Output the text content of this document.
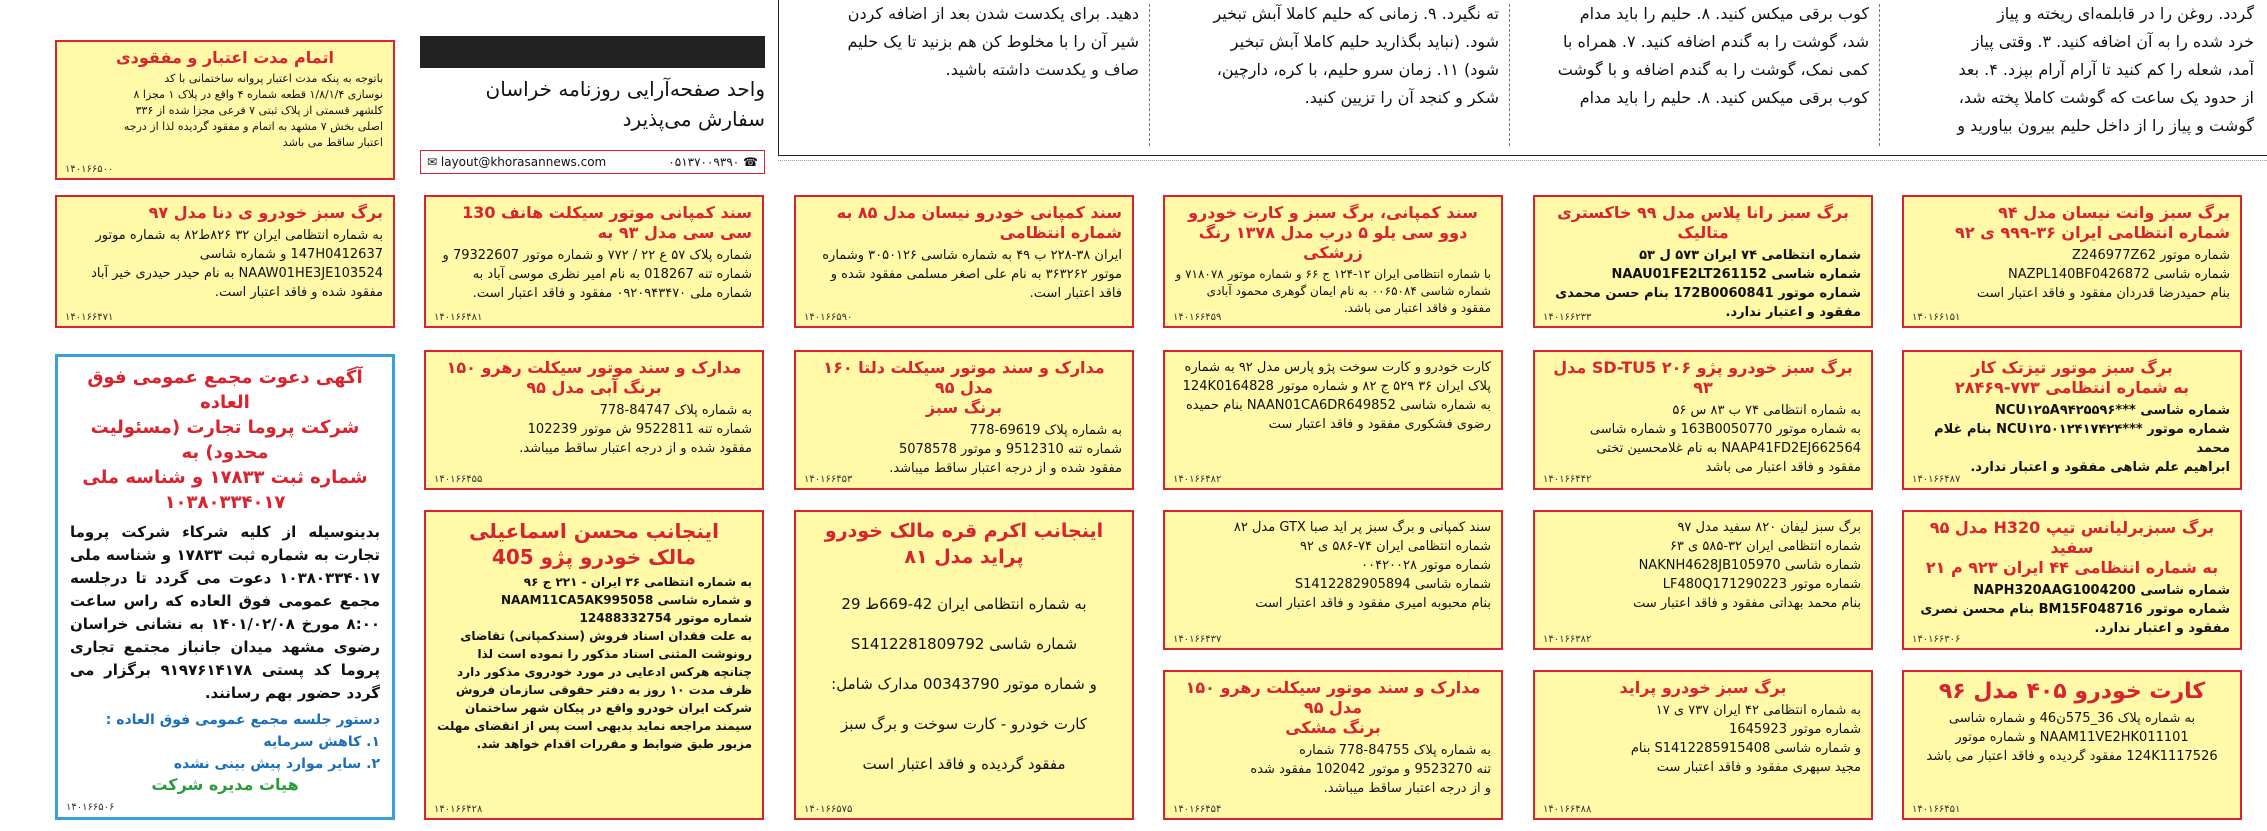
گردد. روغن را در قابلمه‌ای ریخته و پیاز
خرد شده را به آن اضافه کنید. ۳. وقتی پیاز
آمد، شعله را کم کنید تا آرام آرام بپزد. ۴. بعد
از حدود یک ساعت که گوشت کاملا پخته شد،
گوشت و پیاز را از داخل حلیم بیرون بیاورید و
کوب برقی میکس کنید. ۸. حلیم را باید مدام
شد، گوشت را به گندم اضافه کنید. ۷. همراه با
کمی نمک، گوشت را به گندم اضافه و با گوشت
کوب برقی میکس کنید. ۸. حلیم را باید مدام
ته نگیرد. ۹. زمانی که حلیم کاملا آبش تبخیر
شود. (نباید بگذارید حلیم کاملا آبش تبخیر
شود) ۱۱. زمان سرو حلیم، با کره، دارچین،
شکر و کنجد آن را تزیین کنید.
دهید. برای یکدست شدن بعد از اضافه کردن
شیر آن را با مخلوط کن هم بزنید تا یک حلیم
صاف و یکدست داشته باشید.
واحد صفحه‌آرایی روزنامه خراسان
سفارش می‌پذیرد
✉ layout@khorasannews.com	۰۵۱۳۷۰۰۹۳۹۰ ☎
اتمام مدت اعتبار و مفقودی
باتوجه به پنکه مدت اعتبار پروانه ساختمانی با کد
نوسازی ۱/۸/۱/۴ قطعه شماره ۴ واقع در پلاک ۱ مجزا ۸
کلشهر قسمتی از پلاک ثبتی ۷ فرعی مجزا شده از ۳۳۶
اصلی بخش ۷ مشهد به اتمام و مفقود گردیده لذا از درجه
اعتبار ساقط می باشد
۱۴۰۱۶۶۵۰۰
برگ سبز خودرو ی دنا مدل ۹۷
به شماره انتظامی ایران ۳۲ ۸۲۶ط۸۲ به شماره موتور 147H0412637 و شماره شاسی NAAW01HE3JE103524 به نام حیدر حیدری خیر آباد مفقود شده و فاقد اعتبار است.
۱۴۰۱۶۶۴۷۱
سند کمپانی موتور سیکلت هانف 130 سی سی مدل ۹۳ به
شماره پلاک ۵۷ ع ۲۲ / ۷۷۲ و شماره موتور 79322607 و شماره تنه 018267 به نام امیر نظری موسی آباد به شماره ملی ۰۹۲۰۹۴۳۴۷۰ مفقود و فاقد اعتبار است.
۱۴۰۱۶۶۴۸۱
سند کمپانی خودرو نیسان مدل ۸۵ به شماره انتظامی
ایران ۳۸-۲۲۸ ب ۴۹ به شماره شاسی ۳۰۵۰۱۲۶ وشماره موتور ۳۶۳۲۶۲ به نام علی اصغر مسلمی مفقود شده و فاقد اعتبار است.
۱۴۰۱۶۶۵۹۰
سند کمپانی، برگ سبز و کارت خودرو دوو سی یلو ۵ درب مدل ۱۳۷۸ رنگ زرشکی
با شماره انتظامی ایران ۱۲-۱۲۴ ج ۶۶ و شماره موتور ۷۱۸۰۷۸ و شماره شاسی ۰۰۶۵۰۸۴ به نام ایمان گوهری محمود آبادی مفقود و فاقد اعتبار می باشد.
۱۴۰۱۶۶۴۵۹
برگ سبز رانا پلاس مدل ۹۹ خاکستری متالیک
شماره انتظامی ۷۴ ایران ۵۷۳ ل ۵۳
شماره شاسی NAAU01FE2LT261152
شماره موتور 172B0060841 بنام حسن محمدی
مفقود و اعتبار ندارد.
۱۴۰۱۶۶۲۳۳
برگ سبز وانت نیسان مدل ۹۴
شماره انتظامی ایران ۳۶-۹۹۹ ی ۹۲
شماره موتور Z246977Z62
شماره شاسی NAZPL140BF0426872
بنام حمیدرضا قدردان مفقود و فاقد اعتبار است
۱۴۰۱۶۶۱۵۱
مدارک و سند موتور سیکلت رهرو ۱۵۰
برنگ آبی مدل ۹۵
به شماره پلاک 84747-778
شماره تنه 9522811 ش موتور 102239
مفقود شده و از درجه اعتبار ساقط میباشد.
۱۴۰۱۶۶۴۵۵
مدارک و سند موتور سیکلت دلتا ۱۶۰ مدل ۹۵
برنگ سبز
به شماره پلاک 69619-778
شماره تنه 9512310 و موتور 5078578
مفقود شده و از درجه اعتبار ساقط میباشد.
۱۴۰۱۶۶۴۵۳
کارت خودرو و کارت سوخت پژو پارس مدل ۹۲ به شماره پلاک ایران ۳۶ ۵۲۹ ج ۸۲ و شماره موتور 124K0164828 به شماره شاسی NAAN01CA6DR649852 بنام حمیده رضوی فشکوری مفقود و فاقد اعتبار ست
۱۴۰۱۶۶۴۸۲
برگ سبز خودرو پژو SD-TU5 ۲۰۶ مدل ۹۳
به شماره انتظامی ۷۴ ب ۸۳ س ۵۶
به شماره موتور 163B0050770 و شماره شاسی
NAAP41FD2EJ662564 به نام غلامحسین تختی
مفقود و فاقد اعتبار می باشد
۱۴۰۱۶۶۴۴۲
برگ سبز موتور تیزتک کار
به شماره انتظامی ۷۷۳-۲۸۴۶۹
شماره شاسی ***NCU۱۲۵A۹۴۲۵۵۹۶
شماره موتور ***NCU۱۲۵۰۱۲۴۱۷۴۲۴ بنام غلام محمد
ابراهیم علم شاهی مفقود و اعتبار ندارد.
۱۴۰۱۶۶۴۸۷
اینجانب محسن اسماعیلی
مالک خودرو پژو 405
به شماره انتظامی ۳۶ ایران - ۲۲۱ ج ۹۶
و شماره شاسی NAAM11CA5AK995058
شماره موتور 12488332754
به علت فقدان اسناد فروش (سندکمپانی) تقاضای رونوشت المثنی اسناد مذکور را نموده است لذا چنانچه هرکس ادعایی در مورد خودروی مذکور دارد ظرف مدت ۱۰ روز به دفتر حقوقی سازمان فروش شرکت ایران خودرو واقع در پیکان شهر ساختمان سیمند مراجعه نماید بدیهی است پس از انقضای مهلت مزبور طبق ضوابط و مقررات اقدام خواهد شد.
۱۴۰۱۶۶۴۲۸
اینجانب اکرم قره مالک خودرو پراید مدل ۸۱
به شماره انتظامی ایران 42-669ط 29
شماره شاسی S1412281809792
و شماره موتور 00343790 مدارک شامل:
کارت خودرو - کارت سوخت و برگ سبز
مفقود گردیده و فاقد اعتبار است
۱۴۰۱۶۶۵۷۵
سند کمپانی و برگ سبز پر اید صبا GTX مدل ۸۲
شماره انتظامی ایران ۷۴-۵۸۶ ی ۹۲
شماره موتور ۰۰۴۲۰۰۲۸
شماره شاسی S1412282905894
بنام محبوبه امیری مفقود و فاقد اعتبار است
۱۴۰۱۶۶۴۳۷
برگ سبز لیفان ۸۲۰ سفید مدل ۹۷
شماره انتظامی ایران ۳۲-۵۸۵ ی ۶۳
شماره شاسی NAKNH4628JB105970
شماره موتور LF480Q171290223
بنام محمد بهداتی مفقود و فاقد اعتبار ست
۱۴۰۱۶۶۳۸۲
برگ سبزبرلیانس تیپ H320 مدل ۹۵ سفید
به شماره انتظامی ۴۴ ایران ۹۲۳ م ۲۱
شماره شاسی NAPH320AAG1004200
شماره موتور BM15F048716 بنام محسن نصری
مفقود و اعتبار ندارد.
۱۴۰۱۶۶۳۰۶
مدارک و سند موتور سیکلت رهرو ۱۵۰ مدل ۹۵
برنگ مشکی
به شماره پلاک 84755-778 شماره
تنه 9523270 و موتور 102042 مفقود شده
و از درجه اعتبار ساقط میباشد.
۱۴۰۱۶۶۴۵۴
برگ سبز خودرو پراید
به شماره انتظامی ۴۲ ایران ۷۳۷ ی ۱۷
شماره موتور 1645923
و شماره شاسی S1412285915408 بنام
مجید سپهری مفقود و فاقد اعتبار ست
۱۴۰۱۶۶۴۸۸
کارت خودرو ۴۰۵ مدل ۹۶
به شماره پلاک 36_575ن46 و شماره شاسی
NAAM11VE2HK011101 و شماره موتور
124K1117526 مفقود گردیده و فاقد اعتبار می باشد
۱۴۰۱۶۶۴۵۱
آگهی دعوت مجمع عمومی فوق العاده
شرکت پروما تجارت (مسئولیت محدود) به
شماره ثبت ۱۷۸۳۳ و شناسه ملی
۱۰۳۸۰۳۳۴۰۱۷
بدینوسیله از کلیه شرکاء شرکت پروما تجارت به شماره ثبت ۱۷۸۳۳ و شناسه ملی ۱۰۳۸۰۳۳۴۰۱۷ دعوت می گردد تا درجلسه مجمع عمومی فوق العاده که راس ساعت ۸:۰۰ مورخ ۱۴۰۱/۰۲/۰۸ به نشانی خراسان رضوی مشهد میدان جانباز مجتمع تجاری پروما کد پستی ۹۱۹۷۶۱۴۱۷۸ برگزار می گردد حضور بهم رسانند.
دستور جلسه مجمع عمومی فوق العاده :
۱. کاهش سرمایه
۲. سایر موارد پیش بینی نشده
هیات مدیره شرکت
۱۴۰۱۶۶۵۰۶
